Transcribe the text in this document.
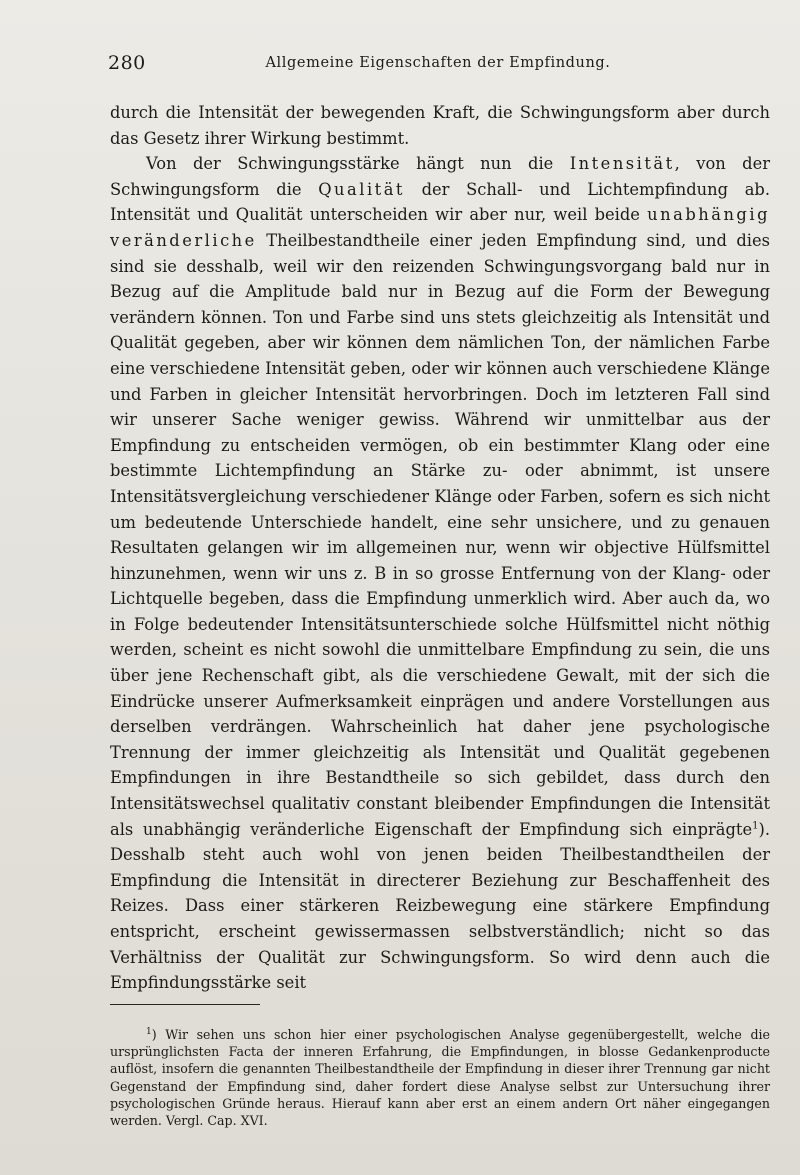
280	Allgemeine Eigenschaften der Empfindung.

durch die Intensität der bewegenden Kraft, die Schwingungsform aber durch das Gesetz ihrer Wirkung bestimmt.

Von der Schwingungsstärke hängt nun die Intensität, von der Schwingungsform die Qualität der Schall- und Lichtempfindung ab. Intensität und Qualität unterscheiden wir aber nur, weil beide unabhängig veränderliche Theilbestandtheile einer jeden Empfindung sind, und dies sind sie desshalb, weil wir den reizenden Schwingungsvorgang bald nur in Bezug auf die Amplitude bald nur in Bezug auf die Form der Bewegung verändern können. Ton und Farbe sind uns stets gleichzeitig als Intensität und Qualität gegeben, aber wir können dem nämlichen Ton, der nämlichen Farbe eine verschiedene Intensität geben, oder wir können auch verschiedene Klänge und Farben in gleicher Intensität hervorbringen. Doch im letzteren Fall sind wir unserer Sache weniger gewiss. Während wir unmittelbar aus der Empfindung zu entscheiden vermögen, ob ein bestimmter Klang oder eine bestimmte Lichtempfindung an Stärke zu- oder abnimmt, ist unsere Intensitätsvergleichung verschiedener Klänge oder Farben, sofern es sich nicht um bedeutende Unterschiede handelt, eine sehr unsichere, und zu genauen Resultaten gelangen wir im allgemeinen nur, wenn wir objective Hülfsmittel hinzunehmen, wenn wir uns z. B in so grosse Entfernung von der Klang- oder Lichtquelle begeben, dass die Empfindung unmerklich wird. Aber auch da, wo in Folge bedeutender Intensitätsunterschiede solche Hülfsmittel nicht nöthig werden, scheint es nicht sowohl die unmittelbare Empfindung zu sein, die uns über jene Rechenschaft gibt, als die verschiedene Gewalt, mit der sich die Eindrücke unserer Aufmerksamkeit einprägen und andere Vorstellungen aus derselben verdrängen. Wahrscheinlich hat daher jene psychologische Trennung der immer gleichzeitig als Intensität und Qualität gegebenen Empfindungen in ihre Bestandtheile so sich gebildet, dass durch den Intensitätswechsel qualitativ constant bleibender Empfindungen die Intensität als unabhängig veränderliche Eigenschaft der Empfindung sich einprägte$^1$). Desshalb steht auch wohl von jenen beiden Theilbestandtheilen der Empfindung die Intensität in directerer Beziehung zur Beschaffenheit des Reizes. Dass einer stärkeren Reizbewegung eine stärkere Empfindung entspricht, erscheint gewissermassen selbstverständlich; nicht so das Verhältniss der Qualität zur Schwingungsform. So wird denn auch die Empfindungsstärke seit

$^1$) Wir sehen uns schon hier einer psychologischen Analyse gegenübergestellt, welche die ursprünglichsten Facta der inneren Erfahrung, die Empfindungen, in blosse Gedankenproducte auflöst, insofern die genannten Theilbestandtheile der Empfindung in dieser ihrer Trennung gar nicht Gegenstand der Empfindung sind, daher fordert diese Analyse selbst zur Untersuchung ihrer psychologischen Gründe heraus. Hierauf kann aber erst an einem andern Ort näher eingegangen werden. Vergl. Cap. XVI.
